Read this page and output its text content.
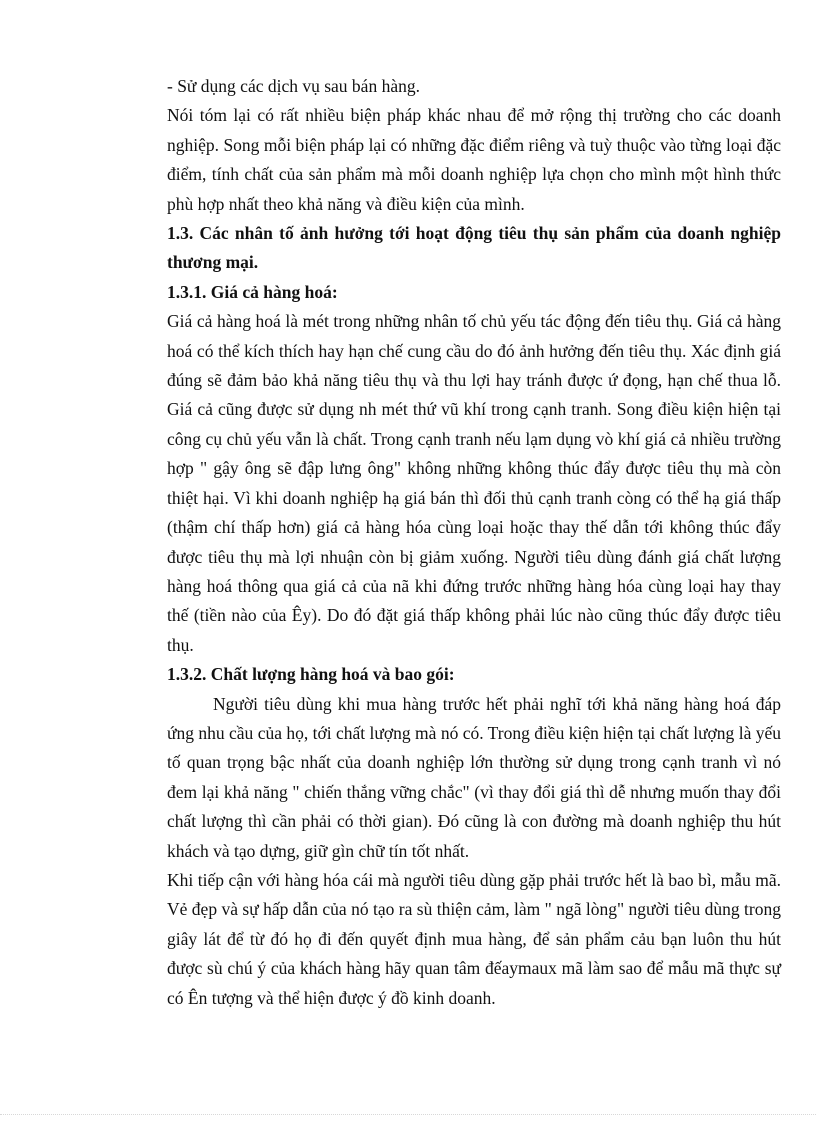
- Sử dụng các dịch vụ sau bán hàng.

Nói tóm lại có rất nhiều biện pháp khác nhau để mở rộng thị trường cho các doanh nghiệp. Song mỗi biện pháp lại có những đặc điểm riêng và tuỳ thuộc vào từng loại đặc điểm, tính chất của sản phẩm mà mỗi doanh nghiệp lựa chọn cho mình một hình thức phù hợp nhất theo khả năng và điều kiện của mình.

1.3. Các nhân tố ảnh hưởng tới hoạt động tiêu thụ sản phẩm của doanh nghiệp thương mại.

1.3.1. Giá cả hàng hoá:

Giá cả hàng hoá là mét trong những nhân tố chủ yếu tác động đến tiêu thụ. Giá cả hàng hoá có thể kích thích hay hạn chế cung cầu do đó ảnh hưởng đến tiêu thụ. Xác định giá đúng sẽ đảm bảo khả năng tiêu thụ và thu lợi hay tránh được ứ đọng, hạn chế thua lỗ. Giá cả cũng được sử dụng nh mét thứ vũ khí trong cạnh tranh. Song điều kiện hiện tại công cụ chủ yếu vẫn là chất. Trong cạnh tranh nếu lạm dụng vò khí giá cả nhiều trường hợp " gậy ông sẽ đập lưng ông" không những không thúc đẩy được tiêu thụ mà còn thiệt hại. Vì khi doanh nghiệp hạ giá bán thì đối thủ cạnh tranh còng có thể hạ giá thấp (thậm chí thấp hơn) giá cả hàng hóa cùng loại hoặc thay thế dẫn tới không thúc đẩy được tiêu thụ mà lợi nhuận còn bị giảm xuống. Người tiêu dùng đánh giá chất lượng hàng hoá thông qua giá cả của nã khi đứng trước những hàng hóa cùng loại hay thay thế (tiền nào của Êy). Do đó đặt giá thấp không phải lúc nào cũng thúc đẩy được tiêu thụ.

1.3.2. Chất lượng hàng hoá và bao gói:

Người tiêu dùng khi mua hàng trước hết phải nghĩ tới khả năng hàng hoá đáp ứng nhu cầu của họ, tới chất lượng mà nó có. Trong điều kiện hiện tại chất lượng là yếu tố quan trọng bậc nhất của doanh nghiệp lớn thường sử dụng trong cạnh tranh vì nó đem lại khả năng " chiến thắng vững chắc" (vì thay đổi giá thì dễ nhưng muốn thay đổi chất lượng thì cần phải có thời gian). Đó cũng là con đường mà doanh nghiệp thu hút khách và tạo dựng, giữ gìn chữ tín tốt nhất.

Khi tiếp cận với hàng hóa cái mà người tiêu dùng gặp phải trước hết là bao bì, mẫu mã. Vẻ đẹp và sự hấp dẫn của nó tạo ra sù thiện cảm, làm " ngã lòng" người tiêu dùng trong giây lát để từ đó họ đi đến quyết định mua hàng, để sản phẩm cảu bạn luôn thu hút được sù chú ý của khách hàng hãy quan tâm đếaymaux mã làm sao để mẫu mã thực sự có Ên tượng và thể hiện được ý đồ kinh doanh.
